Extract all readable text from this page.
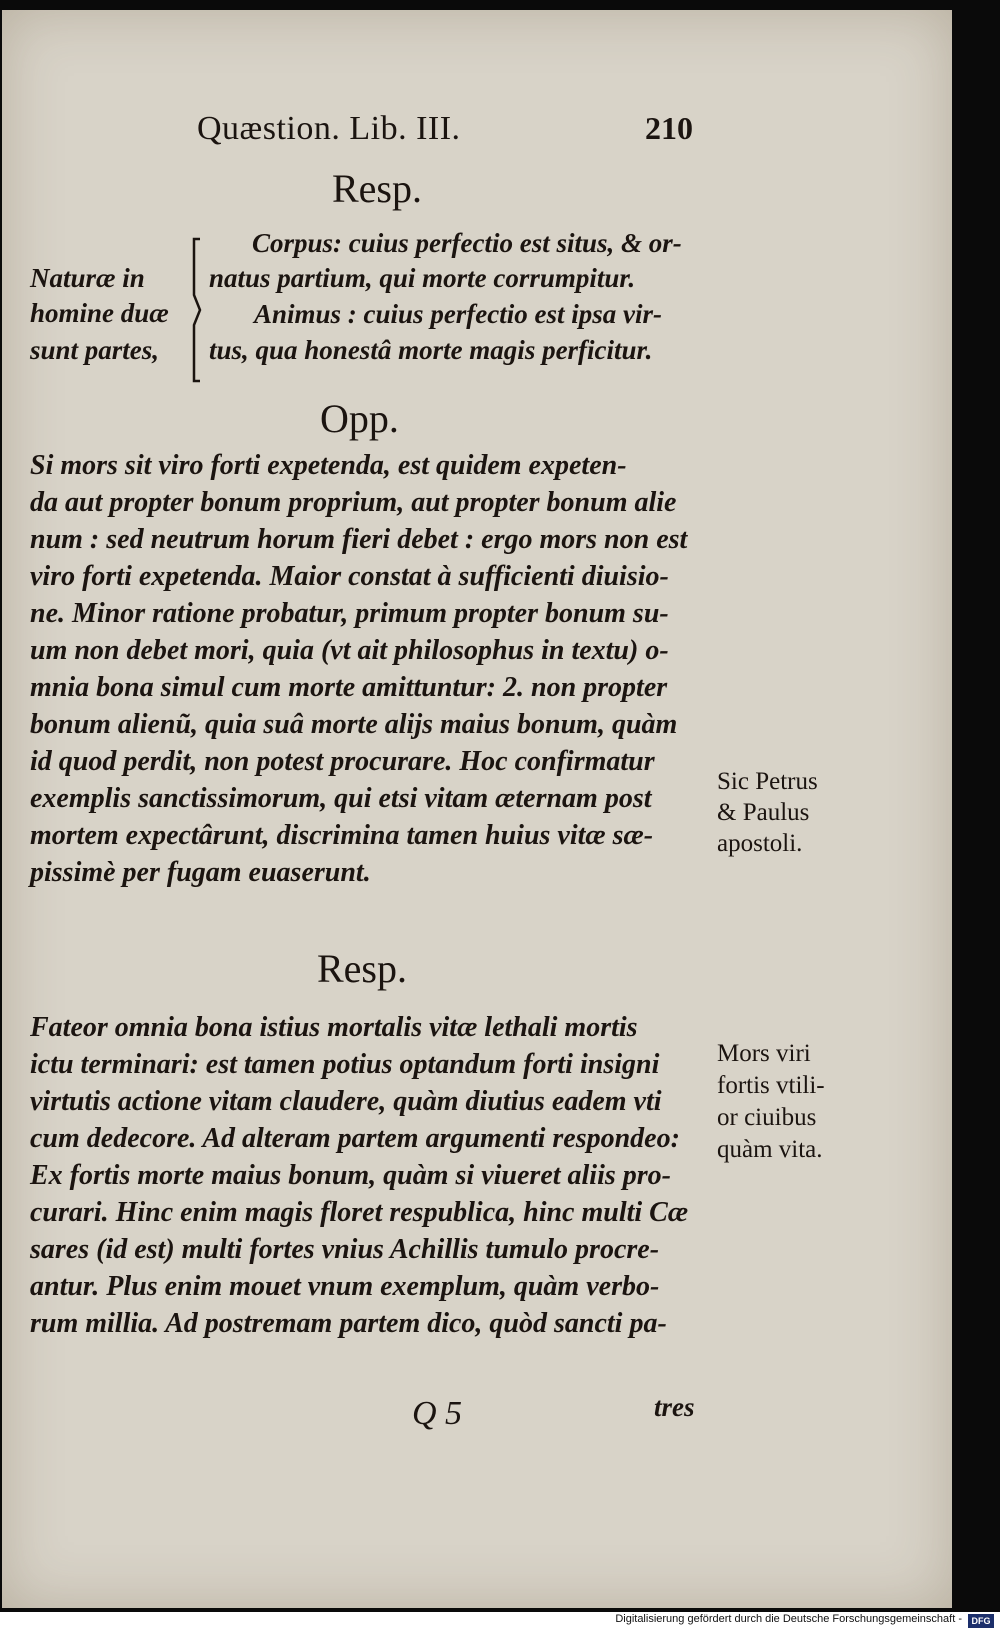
Quæstion. Lib. III.	210
Resp.
Naturæ in
homine duæ
sunt partes,
Corpus: cuius perfectio est situs, & or-
natus partium, qui morte corrumpitur.
Animus : cuius perfectio est ipsa vir-
tus, qua honestâ morte magis perficitur.
Opp.
Si mors sit viro forti expetenda, est quidem expeten-
da aut propter bonum proprium, aut propter bonum alie
num : sed neutrum horum fieri debet : ergo mors non est
viro forti expetenda. Maior constat à sufficienti diuisio-
ne. Minor ratione probatur, primum propter bonum su-
um non debet mori, quia (vt ait philosophus in textu) o-
mnia bona simul cum morte amittuntur: 2. non propter
bonum alienũ, quia suâ morte alijs maius bonum, quàm
id quod perdit, non potest procurare. Hoc confirmatur
exemplis sanctissimorum, qui etsi vitam æternam post
mortem expectârunt, discrimina tamen huius vitæ sæ-
pissimè per fugam euaserunt.
Sic Petrus
& Paulus
apostoli.
Resp.
Fateor omnia bona istius mortalis vitæ lethali mortis
ictu terminari: est tamen potius optandum forti insigni
virtutis actione vitam claudere, quàm diutius eadem vti
cum dedecore. Ad alteram partem argumenti respondeo:
Ex fortis morte maius bonum, quàm si viueret aliis pro-
curari. Hinc enim magis floret respublica, hinc multi Cæ
sares (id est) multi fortes vnius Achillis tumulo procre-
antur. Plus enim mouet vnum exemplum, quàm verbo-
rum millia. Ad postremam partem dico, quòd sancti pa-
Mors viri
fortis vtili-
or ciuibus
quàm vita.
Q 5	tres
Digitalisierung gefördert durch die Deutsche Forschungsgemeinschaft -	DFG
